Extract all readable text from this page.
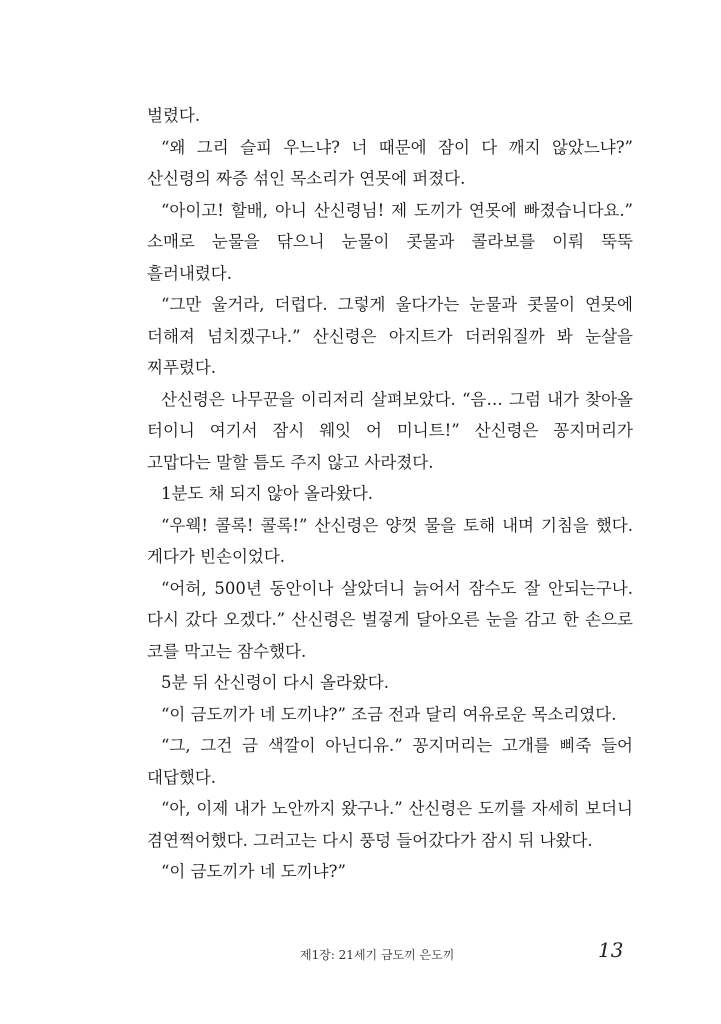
벌렸다.

“왜 그리 슬피 우느냐? 너 때문에 잠이 다 깨지 않았느냐?” 산신령의 짜증 섞인 목소리가 연못에 퍼졌다.

“아이고! 할배, 아니 산신령님! 제 도끼가 연못에 빠졌습니다요.” 소매로 눈물을 닦으니 눈물이 콧물과 콜라보를 이뤄 뚝뚝 흘러내렸다.

“그만 울거라, 더럽다. 그렇게 울다가는 눈물과 콧물이 연못에 더해져 넘치겠구나.” 산신령은 아지트가 더러워질까 봐 눈살을 찌푸렸다.

산신령은 나무꾼을 이리저리 살펴보았다. “음… 그럼 내가 찾아올 터이니 여기서 잠시 웨잇 어 미니트!” 산신령은 꽁지머리가 고맙다는 말할 틈도 주지 않고 사라졌다.

1분도 채 되지 않아 올라왔다.

“우웩! 콜록! 콜록!” 산신령은 양껏 물을 토해 내며 기침을 했다. 게다가 빈손이었다.

“어허, 500년 동안이나 살았더니 늙어서 잠수도 잘 안되는구나. 다시 갔다 오겠다.” 산신령은 벌겋게 달아오른 눈을 감고 한 손으로 코를 막고는 잠수했다.

5분 뒤 산신령이 다시 올라왔다.

“이 금도끼가 네 도끼냐?” 조금 전과 달리 여유로운 목소리였다.

“그, 그건 금 색깔이 아닌디유.” 꽁지머리는 고개를 삐죽 들어 대답했다.

“아, 이제 내가 노안까지 왔구나.” 산신령은 도끼를 자세히 보더니 겸연쩍어했다. 그러고는 다시 풍덩 들어갔다가 잠시 뒤 나왔다.

“이 금도끼가 네 도끼냐?”

제1장: 21세기 금도끼 은도끼	13
